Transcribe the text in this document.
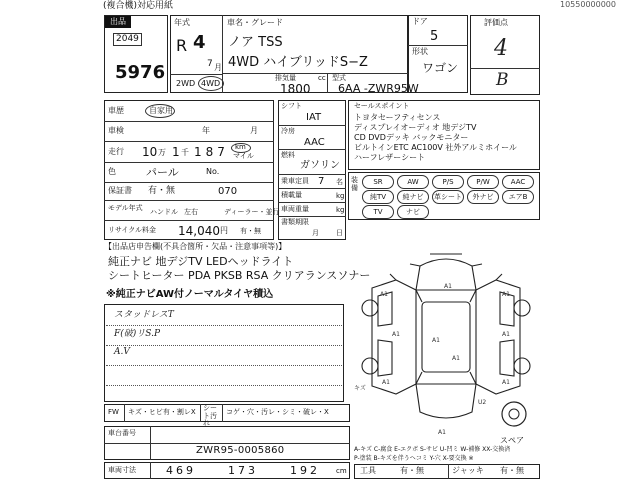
(複合機)対応用紙	10550000000
出品No.
2049
5976
年式
R 4
7 月
車名・グレード
ノア TSS
4WD ハイブリッドS−Z
2WD 4WD
排気量
1800
cc 型式
6AA -ZWR95W
ドア
5
形状
ワゴン
評価点
4
B
車歴	自家用
車検	年	月
走行 10 万 1 千 187 km
マイル
色	パール	No.
保証書 有・無	070
モデル年式 ハンドル 左右	ディーラー・並行
リサイクル料金 14,040 円 有・無
シフト
IAT
冷房
AAC
燃料
ガソリン
乗車定員 7 名
積載量	kg
車両重量	kg
書類期限
月 日
装備
SR	AW	P/S	P/W	AAC
純TV	純ナビ	革シート	外ナビ	エアB
TV	ナビ
セールスポイント
トヨタセーフティセンス
ディスプレイオーディオ 地デジTV
CD DVDデッキ バックモニター
ビルトインETC AC100V 社外アルミホイール
ハーフレザーシート
【出品店申告欄(不具合箇所・欠品・注意事項等)】
純正ナビ 地デジTV LEDヘッドライト
シートヒーター PDA PKSB RSA クリアランスソナー
※純正ナビAW付ノーマルタイヤ積込
スタッドレスT
F(破)リS.P
A.V
FW キズ・ヒビ有・割レX シート汚れ
コゲ・穴・汚レ・シミ・破レ・X
A1
A1	A1
A1	A1
A1
A1
A1	A1
A1
U2
キズ
スペア
車台番号
ZWR95-0005860
車両寸法	469	173	192 cm
A-キズ C-腐食 E-エクボ S-サビ U-凹ミ W-補修 XX-交換済
P-塗装 B-キズを伴うヘコミ Y-穴 X-要交換 ※
工具	有・無	ジャッキ 有・無
